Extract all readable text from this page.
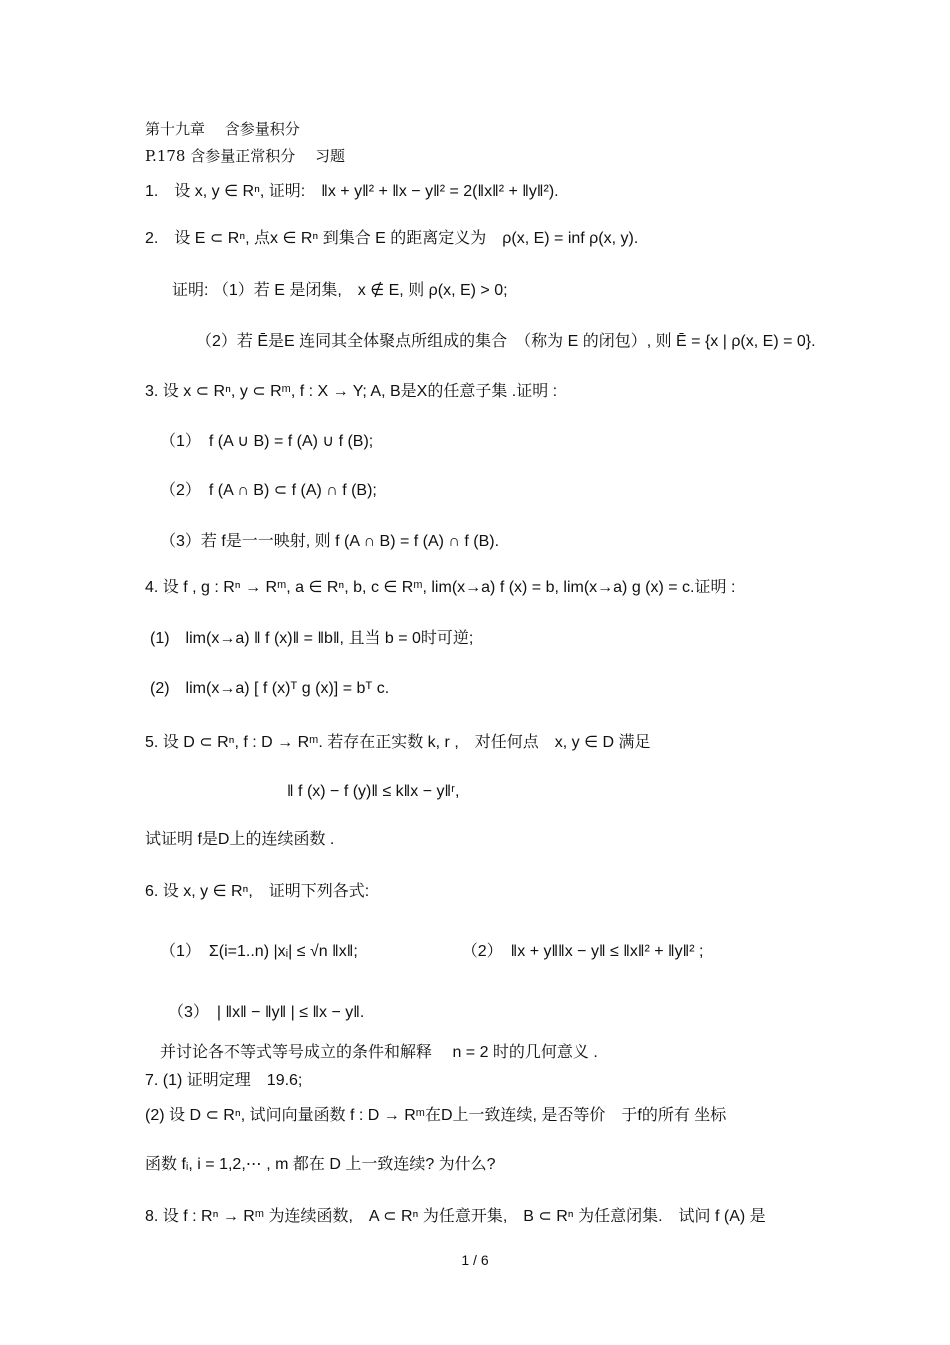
第十九章　 含参量积分
P.178 含参量正常积分　 习题
1.　设 x, y ∈ Rⁿ, 证明:　‖x + y‖² + ‖x − y‖² = 2(‖x‖² + ‖y‖²).
2.　设 E ⊂ Rⁿ, 点x ∈ Rⁿ 到集合 E 的距离定义为　ρ(x, E) = inf ρ(x, y).
证明: （1）若 E 是闭集,　x ∉ E, 则 ρ(x, E) > 0;
（2）若 Ē是E 连同其全体聚点所组成的集合　（称为 E 的闭包）, 则 Ē = {x | ρ(x, E) = 0}.
3. 设 x ⊂ Rⁿ, y ⊂ Rᵐ, f : X → Y; A, B是X的任意子集 .证明 :
（1）　f (A ∪ B) = f (A) ∪ f (B);
（2）　f (A ∩ B) ⊂ f (A) ∩ f (B);
（3）若 f是一一映射, 则 f (A ∩ B) = f (A) ∩ f (B).
4. 设 f , g : Rⁿ → Rᵐ, a ∈ Rⁿ, b, c ∈ Rᵐ, lim(x→a) f (x) = b, lim(x→a) g (x) = c.证明 :
(1)　lim(x→a) ‖ f (x)‖ = ‖b‖, 且当 b = 0时可逆;
(2)　lim(x→a) [ f (x)ᵀ g (x)] = bᵀ c.
5. 设 D ⊂ Rⁿ, f : D → Rᵐ. 若存在正实数 k, r ,　对任何点　x, y ∈ D 满足
‖ f (x) − f (y)‖ ≤ k‖x − y‖ʳ,
试证明 f是D上的连续函数 .
6. 设 x, y ∈ Rⁿ,　证明下列各式:
（1）　Σ(i=1..n) |xᵢ| ≤ √n ‖x‖;　　　　　　　（2）　‖x + y‖‖x − y‖ ≤ ‖x‖² + ‖y‖² ;
（3）　| ‖x‖ − ‖y‖ | ≤ ‖x − y‖.
并讨论各不等式等号成立的条件和解释　 n = 2 时的几何意义 .
7. (1) 证明定理　19.6;
(2) 设 D ⊂ Rⁿ, 试问向量函数 f : D → Rᵐ在D上一致连续, 是否等价　于f的所有 坐标
函数 fᵢ, i = 1,2,⋯ , m 都在 D 上一致连续? 为什么?
8. 设 f : Rⁿ → Rᵐ 为连续函数,　A ⊂ Rⁿ 为任意开集,　B ⊂ Rⁿ 为任意闭集.　试问 f (A) 是
1 / 6
